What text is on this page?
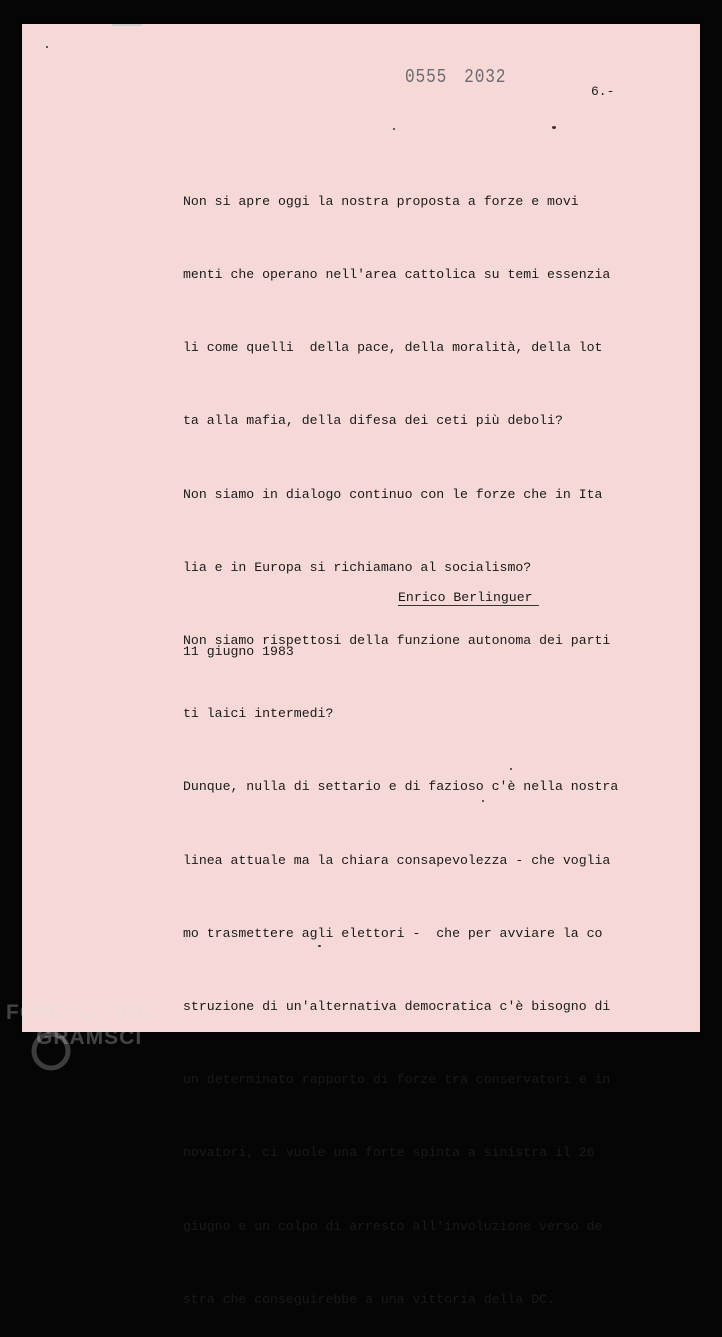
0555 2032
6.-

Non si apre oggi la nostra proposta a forze e movi

menti che operano nell'area cattolica su temi essenzia

li come quelli  della pace, della moralità, della lot

ta alla mafia, della difesa dei ceti più deboli?

Non siamo in dialogo continuo con le forze che in Ita

lia e in Europa si richiamano al socialismo?

Non siamo rispettosi della funzione autonoma dei parti

ti laici intermedi?

Dunque, nulla di settario e di fazioso c'è nella nostra

linea attuale ma la chiara consapevolezza - che voglia

mo trasmettere agli elettori -  che per avviare la co

struzione di un'alternativa democratica c'è bisogno di

un determinato rapporto di forze tra conservatori e in

novatori, ci vuole una forte spinta a sinistra il 26

giugno e un colpo di arresto all'involuzione verso de

stra che conseguirebbe a una vittoria della DC.

Enrico Berlinguer
11 giugno 1983
FONDAZIONE
GRAMSCI
